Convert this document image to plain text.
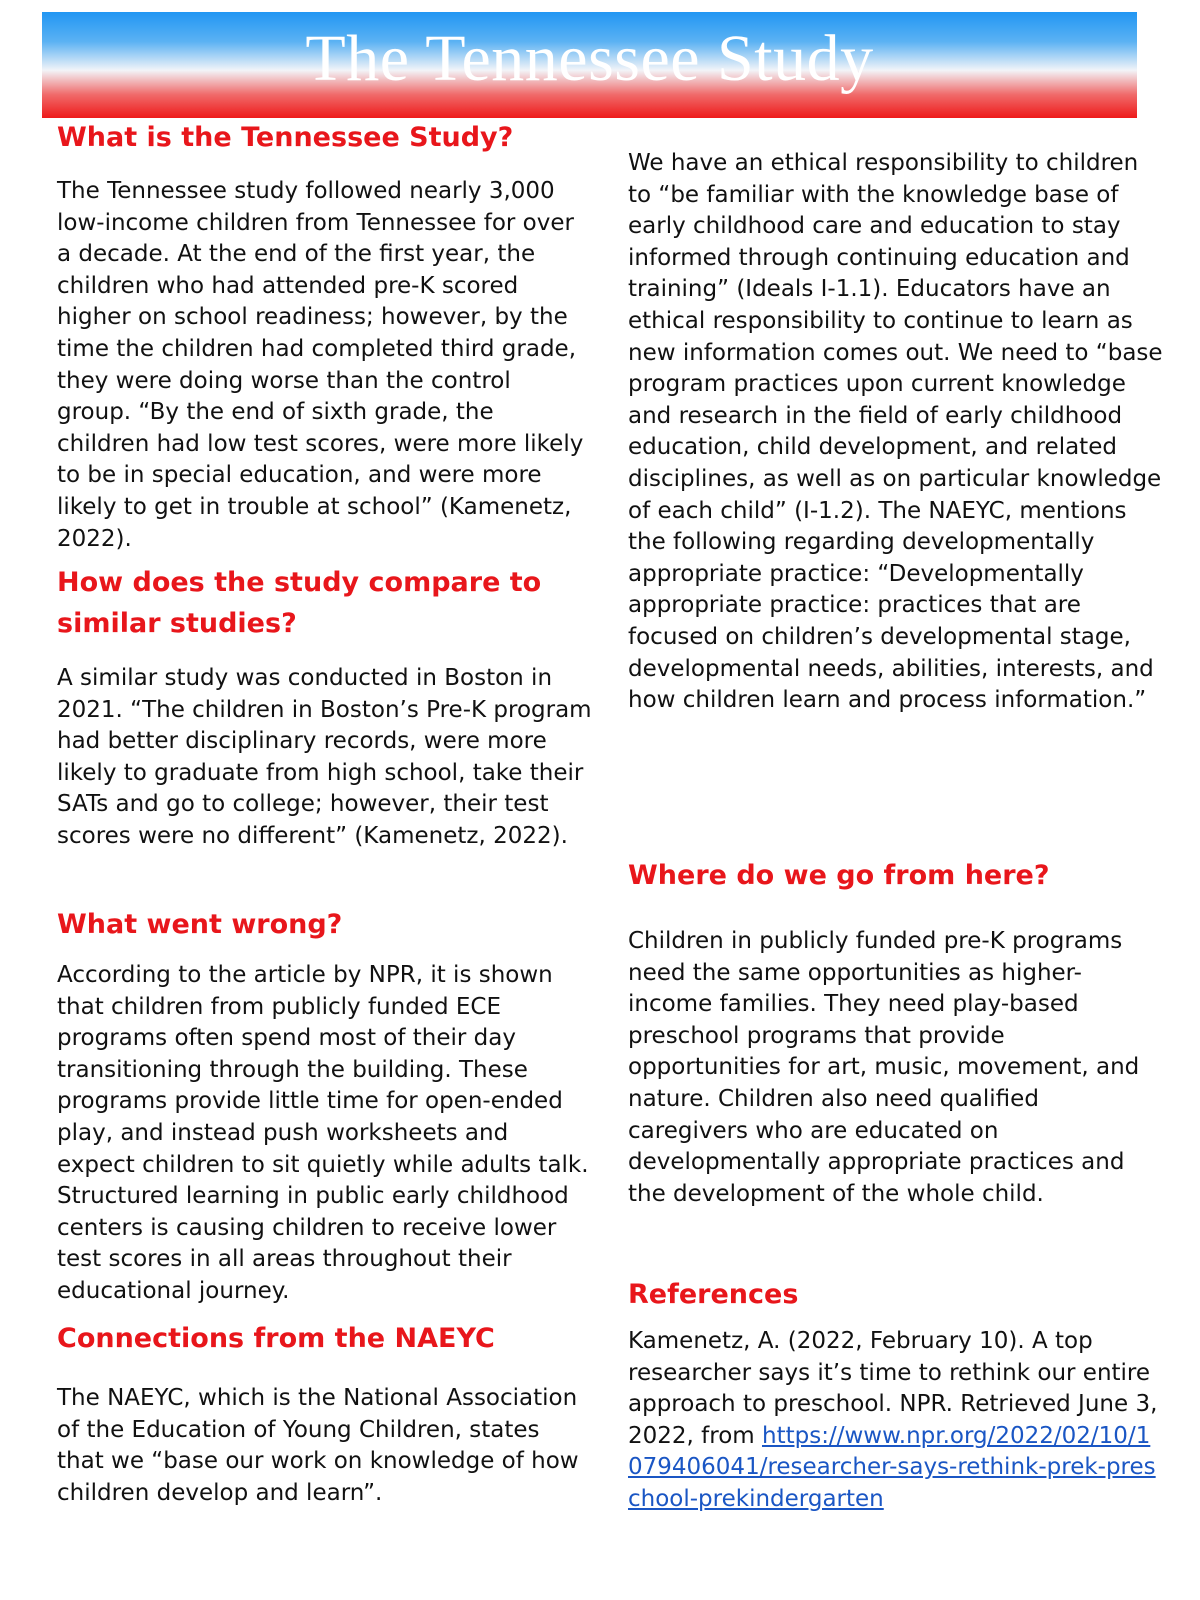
The Tennessee Study
What is the Tennessee Study?

The Tennessee study followed nearly 3,000 low-income children from Tennessee for over a decade. At the end of the first year, the children who had attended pre-K scored higher on school readiness; however, by the time the children had completed third grade, they were doing worse than the control group. “By the end of sixth grade, the children had low test scores, were more likely to be in special education, and were more likely to get in trouble at school” (Kamenetz, 2022).

How does the study compare to similar studies?

A similar study was conducted in Boston in 2021. “The children in Boston’s Pre-K program had better disciplinary records, were more likely to graduate from high school, take their SATs and go to college; however, their test scores were no different” (Kamenetz, 2022).

What went wrong?

According to the article by NPR, it is shown that children from publicly funded ECE programs often spend most of their day transitioning through the building. These programs provide little time for open-ended play, and instead push worksheets and expect children to sit quietly while adults talk. Structured learning in public early childhood centers is causing children to receive lower test scores in all areas throughout their educational journey.

Connections from the NAEYC

The NAEYC, which is the National Association of the Education of Young Children, states that we “base our work on knowledge of how children develop and learn”.

We have an ethical responsibility to children to “be familiar with the knowledge base of early childhood care and education to stay informed through continuing education and training” (Ideals I-1.1). Educators have an ethical responsibility to continue to learn as new information comes out. We need to “base program practices upon current knowledge and research in the field of early childhood education, child development, and related disciplines, as well as on particular knowledge of each child” (I-1.2). The NAEYC, mentions the following regarding developmentally appropriate practice: “Developmentally appropriate practice: practices that are focused on children’s developmental stage, developmental needs, abilities, interests, and how children learn and process information.”

Where do we go from here?

Children in publicly funded pre-K programs need the same opportunities as higher-income families. They need play-based preschool programs that provide opportunities for art, music, movement, and nature. Children also need qualified caregivers who are educated on developmentally appropriate practices and the development of the whole child.

References

Kamenetz, A. (2022, February 10). A top researcher says it’s time to rethink our entire approach to preschool. NPR. Retrieved June 3, 2022, from https://www.npr.org/2022/02/10/1079406041/researcher-says-rethink-prek-preschool-prekindergarten
